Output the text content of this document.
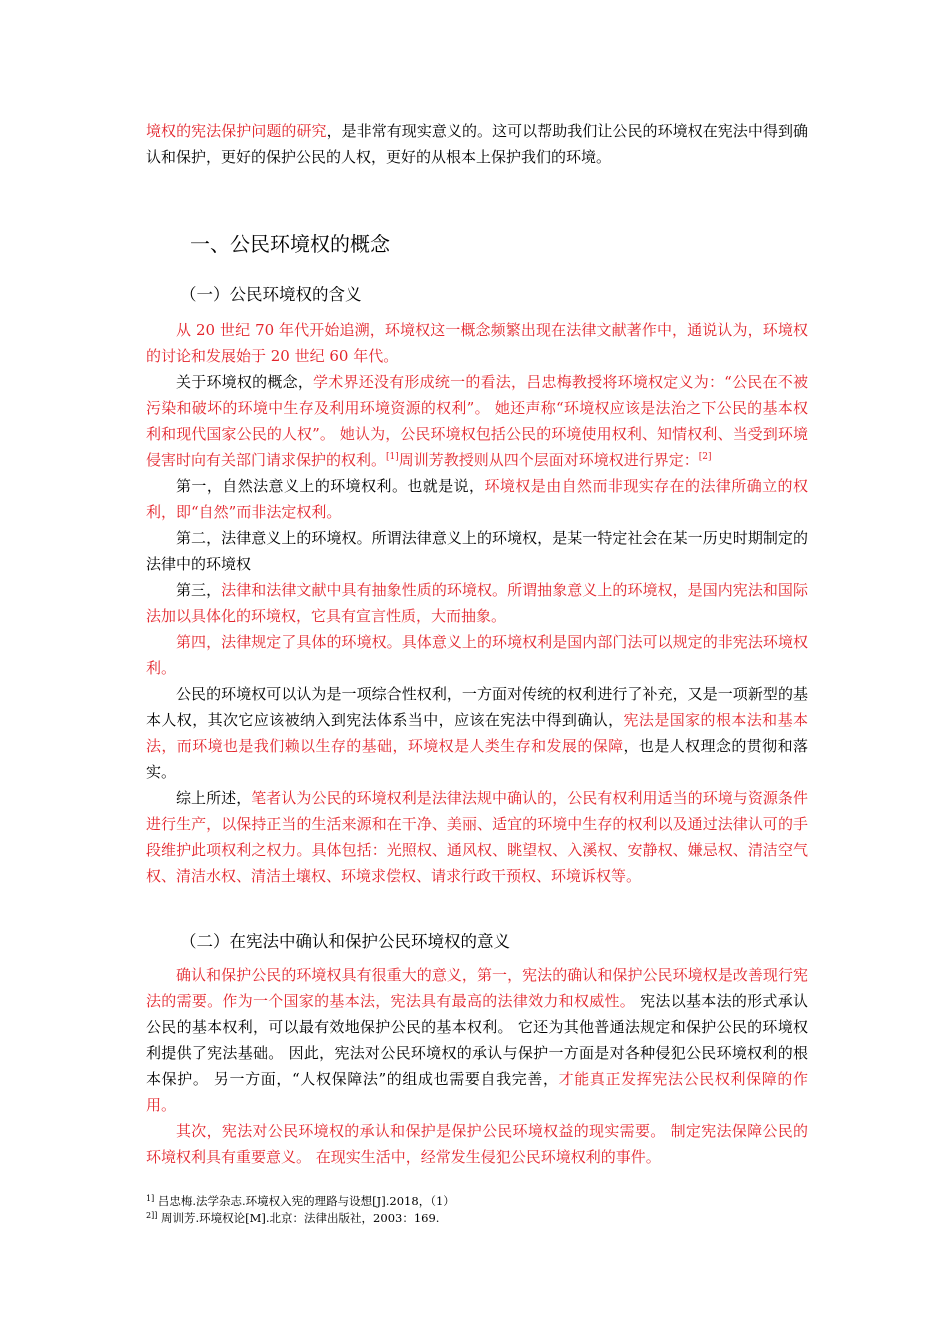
境权的宪法保护问题的研究，是非常有现实意义的。这可以帮助我们让公民的环境权在宪法中得到确认和保护，更好的保护公民的人权，更好的从根本上保护我们的环境。

一、公民环境权的概念
（一）公民环境权的含义

从 20 世纪 70 年代开始追溯，环境权这一概念频繁出现在法律文献著作中，通说认为，环境权的讨论和发展始于 20 世纪 60 年代。

关于环境权的概念，学术界还没有形成统一的看法，吕忠梅教授将环境权定义为：“公民在不被污染和破坏的环境中生存及利用环境资源的权利”。 她还声称“环境权应该是法治之下公民的基本权利和现代国家公民的人权”。 她认为，公民环境权包括公民的环境使用权利、知情权利、当受到环境侵害时向有关部门请求保护的权利。[1]周训芳教授则从四个层面对环境权进行界定：[2]

第一，自然法意义上的环境权利。也就是说，环境权是由自然而非现实存在的法律所确立的权利，即“自然”而非法定权利。

第二，法律意义上的环境权。所谓法律意义上的环境权，是某一特定社会在某一历史时期制定的法律中的环境权

第三，法律和法律文献中具有抽象性质的环境权。所谓抽象意义上的环境权，是国内宪法和国际法加以具体化的环境权，它具有宣言性质，大而抽象。

第四，法律规定了具体的环境权。具体意义上的环境权利是国内部门法可以规定的非宪法环境权利。

公民的环境权可以认为是一项综合性权利，一方面对传统的权利进行了补充，又是一项新型的基本人权，其次它应该被纳入到宪法体系当中，应该在宪法中得到确认，宪法是国家的根本法和基本法，而环境也是我们赖以生存的基础，环境权是人类生存和发展的保障，也是人权理念的贯彻和落实。

综上所述，笔者认为公民的环境权利是法律法规中确认的，公民有权利用适当的环境与资源条件进行生产，以保持正当的生活来源和在干净、美丽、适宜的环境中生存的权利以及通过法律认可的手段维护此项权利之权力。具体包括：光照权、通风权、眺望权、入溪权、安静权、嫌忌权、清洁空气权、清洁水权、清洁土壤权、环境求偿权、请求行政干预权、环境诉权等。

（二）在宪法中确认和保护公民环境权的意义

确认和保护公民的环境权具有很重大的意义，第一，宪法的确认和保护公民环境权是改善现行宪法的需要。作为一个国家的基本法，宪法具有最高的法律效力和权威性。 宪法以基本法的形式承认公民的基本权利，可以最有效地保护公民的基本权利。 它还为其他普通法规定和保护公民的环境权利提供了宪法基础。 因此，宪法对公民环境权的承认与保护一方面是对各种侵犯公民环境权利的根本保护。 另一方面，“人权保障法”的组成也需要自我完善，才能真正发挥宪法公民权利保障的作用。

其次，宪法对公民环境权的承认和保护是保护公民环境权益的现实需要。 制定宪法保障公民的环境权利具有重要意义。 在现实生活中，经常发生侵犯公民环境权利的事件。

$^{1]}$ 吕忠梅.法学杂志.环境权入宪的理路与设想[J].2018，（1）
$^{2]]}$ 周训芳.环境权论[M].北京：法律出版社，2003：169.
